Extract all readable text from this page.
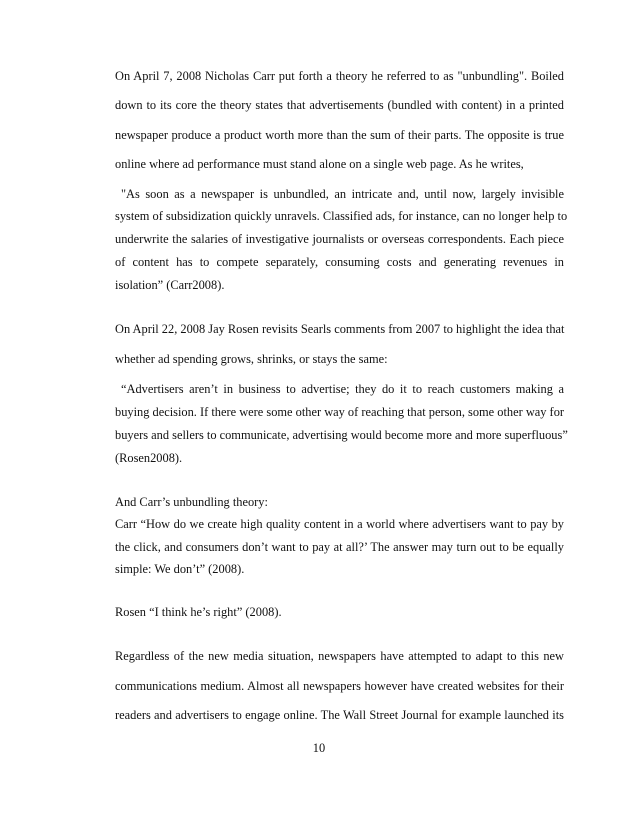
On April 7, 2008 Nicholas Carr put forth a theory he referred to as "unbundling". Boiled
down to its core the theory states that advertisements (bundled with content) in a printed
newspaper produce a product worth more than the sum of their parts. The opposite is true
online where ad performance must stand alone on a single web page. As he writes,
"As soon as a newspaper is unbundled, an intricate and, until now, largely invisible
system of subsidization quickly unravels. Classified ads, for instance, can no longer help to
underwrite the salaries of investigative journalists or overseas correspondents. Each piece
of content has to compete separately, consuming costs and generating revenues in
isolation” (Carr2008).
On April 22, 2008 Jay Rosen revisits Searls comments from 2007 to highlight the idea that
whether ad spending grows, shrinks, or stays the same:
“Advertisers aren’t in business to advertise; they do it to reach customers making a
buying decision. If there were some other way of reaching that person, some other way for
buyers and sellers to communicate, advertising would become more and more superfluous”
(Rosen2008).
And Carr’s unbundling theory:
Carr “How do we create high quality content in a world where advertisers want to pay by
the click, and consumers don’t want to pay at all?’ The answer may turn out to be equally
simple: We don’t” (2008).
Rosen “I think he’s right” (2008).
Regardless of the new media situation, newspapers have attempted to adapt to this new
communications medium. Almost all newspapers however have created websites for their
readers and advertisers to engage online. The Wall Street Journal for example launched its
10
